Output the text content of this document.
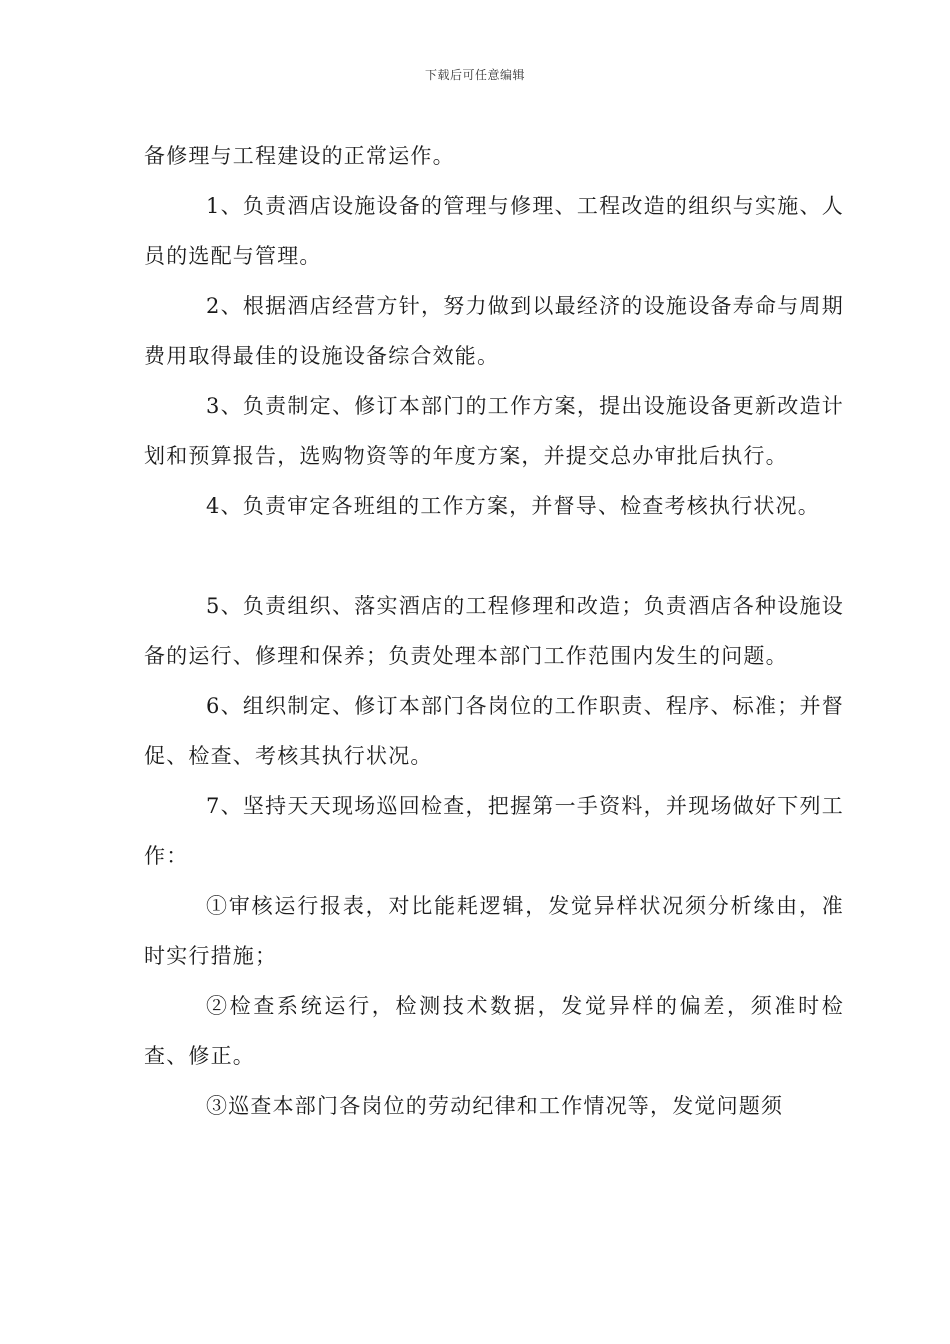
下载后可任意编辑

备修理与工程建设的正常运作。

1、负责酒店设施设备的管理与修理、工程改造的组织与实施、人员的选配与管理。

2、根据酒店经营方针，努力做到以最经济的设施设备寿命与周期费用取得最佳的设施设备综合效能。

3、负责制定、修订本部门的工作方案，提出设施设备更新改造计划和预算报告，选购物资等的年度方案，并提交总办审批后执行。

4、负责审定各班组的工作方案，并督导、检查考核执行状况。

5、负责组织、落实酒店的工程修理和改造；负责酒店各种设施设备的运行、修理和保养；负责处理本部门工作范围内发生的问题。

6、组织制定、修订本部门各岗位的工作职责、程序、标准；并督促、检查、考核其执行状况。

7、坚持天天现场巡回检查，把握第一手资料，并现场做好下列工作：

①审核运行报表，对比能耗逻辑，发觉异样状况须分析缘由，准时实行措施；

②检查系统运行，检测技术数据，发觉异样的偏差，须准时检查、修正。

③巡查本部门各岗位的劳动纪律和工作情况等，发觉问题须
